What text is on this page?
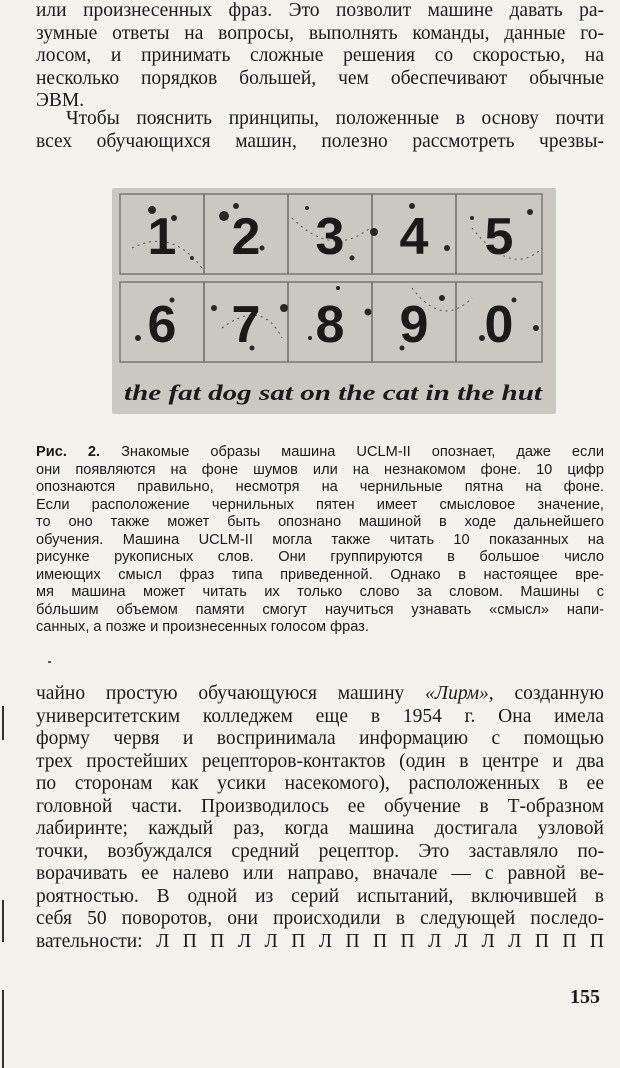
или произнесенных фраз. Это позволит машине давать ра-
зумные ответы на вопросы, выполнять команды, данные го-
лосом, и принимать сложные решения со скоростью, на
несколько порядков большей, чем обеспечивают обычные
ЭВМ.

Чтобы пояснить принципы, положенные в основу почти
всех обучающихся машин, полезно рассмотреть чрезвы-

1 2 3 4 5
6 7 8 9 0
the fat dog sat on the cat in the hut

Рис. 2. Знакомые образы машина UCLM-II опознает, даже если
они появляются на фоне шумов или на незнакомом фоне. 10 цифр
опознаются правильно, несмотря на чернильные пятна на фоне.
Если расположение чернильных пятен имеет смысловое значение,
то оно также может быть опознано машиной в ходе дальнейшего
обучения. Машина UCLM-II могла также читать 10 показанных на
рисунке рукописных слов. Они группируются в большое число
имеющих смысл фраз типа приведенной. Однако в настоящее вре-
мя машина может читать их только слово за словом. Машины с
бо́льшим объемом памяти смогут научиться узнавать «смысл» напи-
санных, а позже и произнесенных голосом фраз.

чайно простую обучающуюся машину «Лирм», созданную
университетским колледжем еще в 1954 г. Она имела
форму червя и воспринимала информацию с помощью
трех простейших рецепторов-контактов (один в центре и два
по сторонам как усики насекомого), расположенных в ее
головной части. Производилось ее обучение в Т-образном
лабиринте; каждый раз, когда машина достигала узловой
точки, возбуждался средний рецептор. Это заставляло по-
ворачивать ее налево или направо, вначале — с равной ве-
роятностью. В одной из серий испытаний, включившей в
себя 50 поворотов, они происходили в следующей последо-
вательности: Л П П Л Л П Л П П П Л Л Л Л П П П

155
